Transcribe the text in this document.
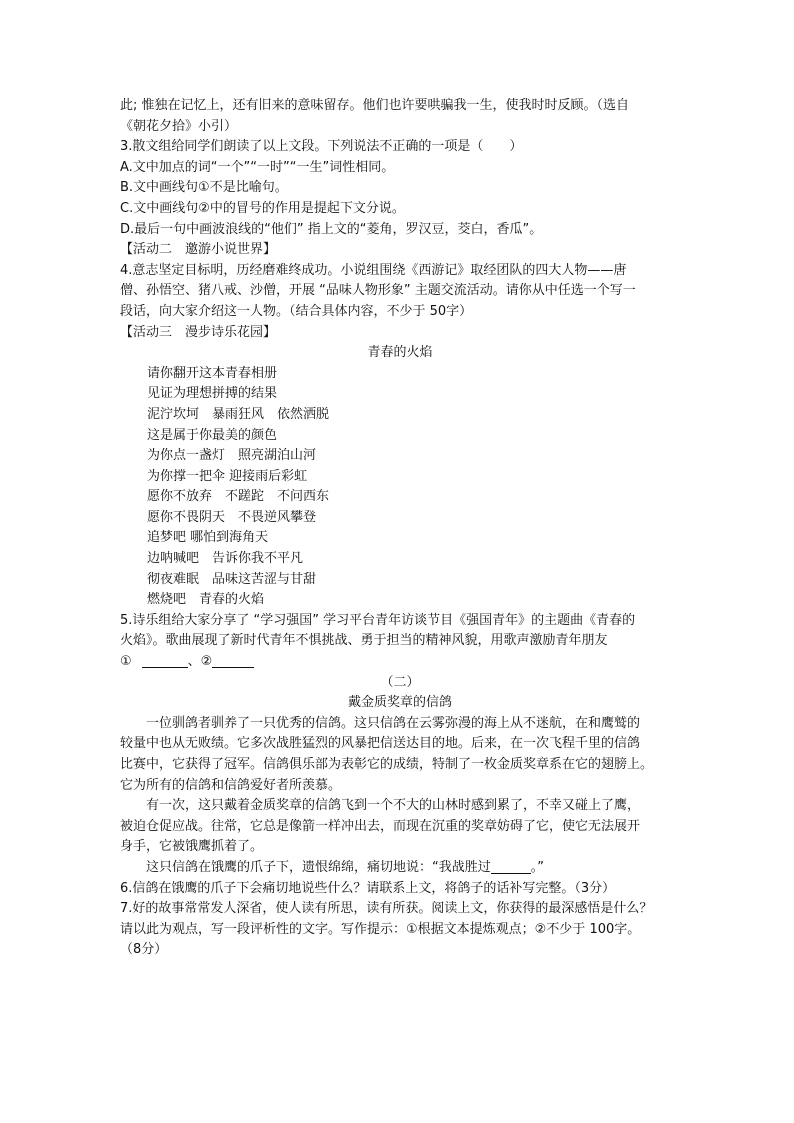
此; 惟独在记忆上，还有旧来的意味留存。他们也许要哄骗我一生，使我时时反顾。（选自

《朝花夕拾》小引）

3.散文组给同学们朗读了以上文段。下列说法不正确的一项是（　　）

A.文中加点的词“一个”“一时”“一生”词性相同。

B.文中画线句①不是比喻句。

C.文中画线句②中的冒号的作用是提起下文分说。

D.最后一句中画波浪线的“他们” 指上文的“菱角，罗汉豆，茭白，香瓜”。

【活动二　邀游小说世界】

4.意志坚定目标明，历经磨难终成功。小说组围绕《西游记》取经团队的四大人物——唐

僧、孙悟空、猪八戒、沙僧，开展 “品味人物形象” 主题交流活动。请你从中任选一个写一

段话，向大家介绍这一人物。（结合具体内容，不少于 50字）

【活动三　漫步诗乐花园】

青春的火焰

请你翻开这本青春相册

见证为理想拼搏的结果

泥泞坎坷　暴雨狂风　依然洒脱

这是属于你最美的颜色

为你点一盏灯　照亮湖泊山河

为你撑一把伞 迎接雨后彩虹

愿你不放弃　不蹉跎　不问西东

愿你不畏阴天　不畏逆风攀登

追梦吧 哪怕到海角天

边呐喊吧　告诉你我不平凡

彻夜难眠　品味这苦涩与甘甜

燃烧吧　青春的火焰

5.诗乐组给大家分享了 “学习强国” 学习平台青年访谈节目《强国青年》的主题曲《青春的

火焰》。歌曲展现了新时代青年不惧挑战、勇于担当的精神风貌，用歌声激励青年朋友

①	、②

（二）

戴金质奖章的信鸽

一位驯鸽者驯养了一只优秀的信鸽。这只信鸽在云雾弥漫的海上从不迷航，在和鹰鹫的

较量中也从无败绩。它多次战胜猛烈的风暴把信送达目的地。后来，在一次飞程千里的信鸽

比赛中，它获得了冠军。信鸽俱乐部为表彰它的成绩，特制了一枚金质奖章系在它的翅膀上。

它为所有的信鸽和信鸽爱好者所羡慕。

有一次，这只戴着金质奖章的信鸽飞到一个不大的山林时感到累了，不幸又碰上了鹰，

被迫仓促应战。往常，它总是像箭一样冲出去，而现在沉重的奖章妨碍了它，使它无法展开

身手，它被饿鹰抓着了。

这只信鸽在饿鹰的爪子下，遗恨绵绵，痛切地说：“我战胜过	。”

6.信鸽在饿鹰的爪子下会痛切地说些什么？请联系上文，将鸽子的话补写完整。（3分）

7.好的故事常常发人深省，使人读有所思，读有所获。阅读上文，你获得的最深感悟是什么？

请以此为观点，写一段评析性的文字。写作提示：①根据文本提炼观点；②不少于 100字。

（8分）
